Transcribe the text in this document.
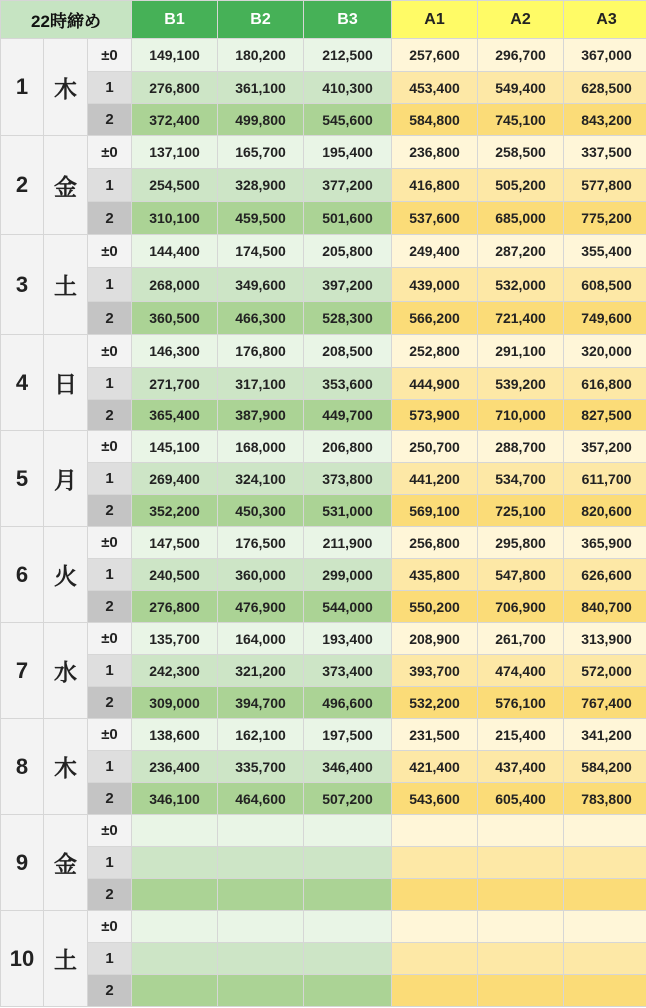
22時締め			B1	B2	B3	A1	A2	A3
1	木	±0	149,100	180,200	212,500	257,600	296,700	367,000
		1	276,800	361,100	410,300	453,400	549,400	628,500
		2	372,400	499,800	545,600	584,800	745,100	843,200
2	金	±0	137,100	165,700	195,400	236,800	258,500	337,500
		1	254,500	328,900	377,200	416,800	505,200	577,800
		2	310,100	459,500	501,600	537,600	685,000	775,200
3	土	±0	144,400	174,500	205,800	249,400	287,200	355,400
		1	268,000	349,600	397,200	439,000	532,000	608,500
		2	360,500	466,300	528,300	566,200	721,400	749,600
4	日	±0	146,300	176,800	208,500	252,800	291,100	320,000
		1	271,700	317,100	353,600	444,900	539,200	616,800
		2	365,400	387,900	449,700	573,900	710,000	827,500
5	月	±0	145,100	168,000	206,800	250,700	288,700	357,200
		1	269,400	324,100	373,800	441,200	534,700	611,700
		2	352,200	450,300	531,000	569,100	725,100	820,600
6	火	±0	147,500	176,500	211,900	256,800	295,800	365,900
		1	240,500	360,000	299,000	435,800	547,800	626,600
		2	276,800	476,900	544,000	550,200	706,900	840,700
7	水	±0	135,700	164,000	193,400	208,900	261,700	313,900
		1	242,300	321,200	373,400	393,700	474,400	572,000
		2	309,000	394,700	496,600	532,200	576,100	767,400
8	木	±0	138,600	162,100	197,500	231,500	215,400	341,200
		1	236,400	335,700	346,400	421,400	437,400	584,200
		2	346,100	464,600	507,200	543,600	605,400	783,800
9	金	±0						
		1						
		2						
10	土	±0						
		1						
		2						
